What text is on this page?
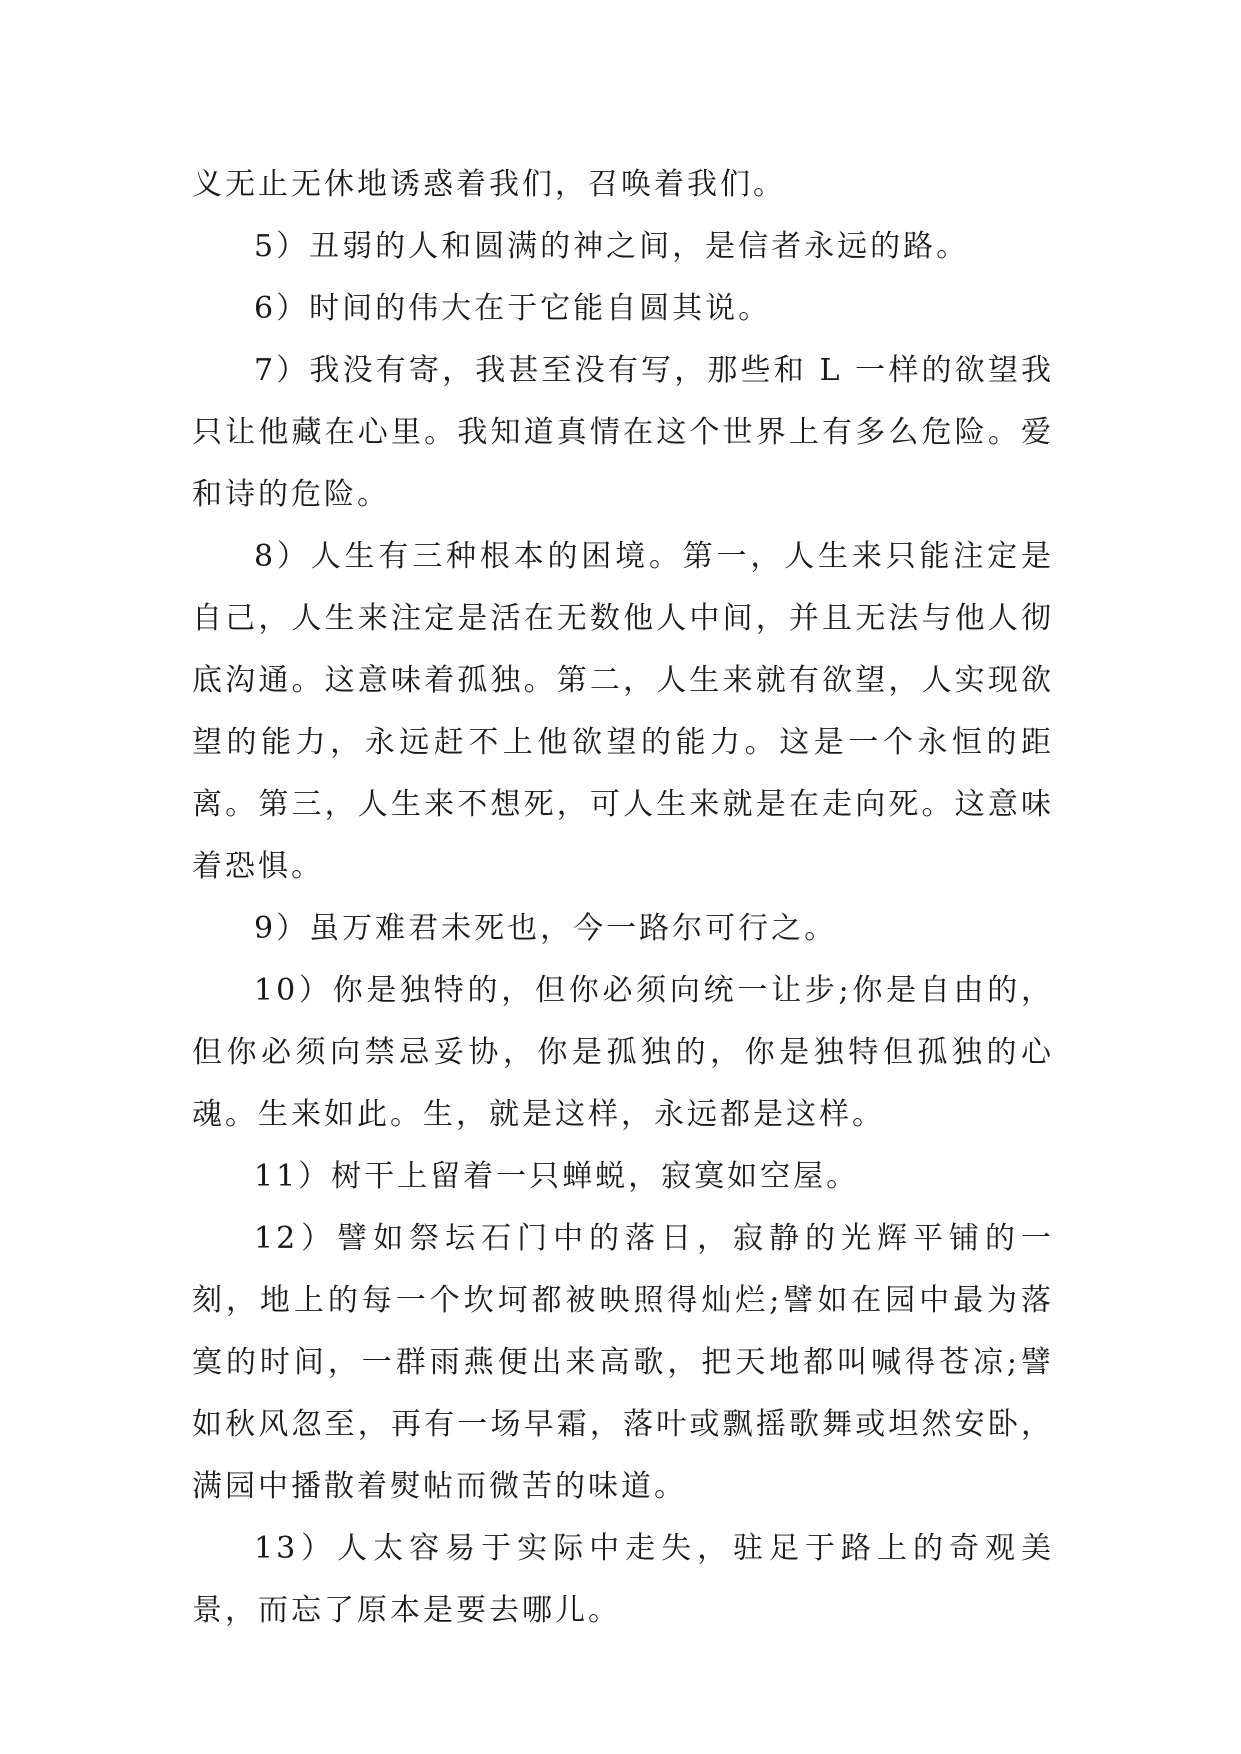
义无止无休地诱惑着我们，召唤着我们。

5）丑弱的人和圆满的神之间，是信者永远的路。

6）时间的伟大在于它能自圆其说。

7）我没有寄，我甚至没有写，那些和 L 一样的欲望我只让他藏在心里。我知道真情在这个世界上有多么危险。爱和诗的危险。

8）人生有三种根本的困境。第一，人生来只能注定是自己，人生来注定是活在无数他人中间，并且无法与他人彻底沟通。这意味着孤独。第二，人生来就有欲望，人实现欲望的能力，永远赶不上他欲望的能力。这是一个永恒的距离。第三，人生来不想死，可人生来就是在走向死。这意味着恐惧。

9）虽万难君未死也，今一路尔可行之。

10）你是独特的，但你必须向统一让步;你是自由的，但你必须向禁忌妥协，你是孤独的，你是独特但孤独的心魂。生来如此。生，就是这样，永远都是这样。

11）树干上留着一只蝉蜕，寂寞如空屋。

12）譬如祭坛石门中的落日，寂静的光辉平铺的一刻，地上的每一个坎坷都被映照得灿烂;譬如在园中最为落寞的时间，一群雨燕便出来高歌，把天地都叫喊得苍凉;譬如秋风忽至，再有一场早霜，落叶或飘摇歌舞或坦然安卧，满园中播散着熨帖而微苦的味道。

13）人太容易于实际中走失，驻足于路上的奇观美景，而忘了原本是要去哪儿。
